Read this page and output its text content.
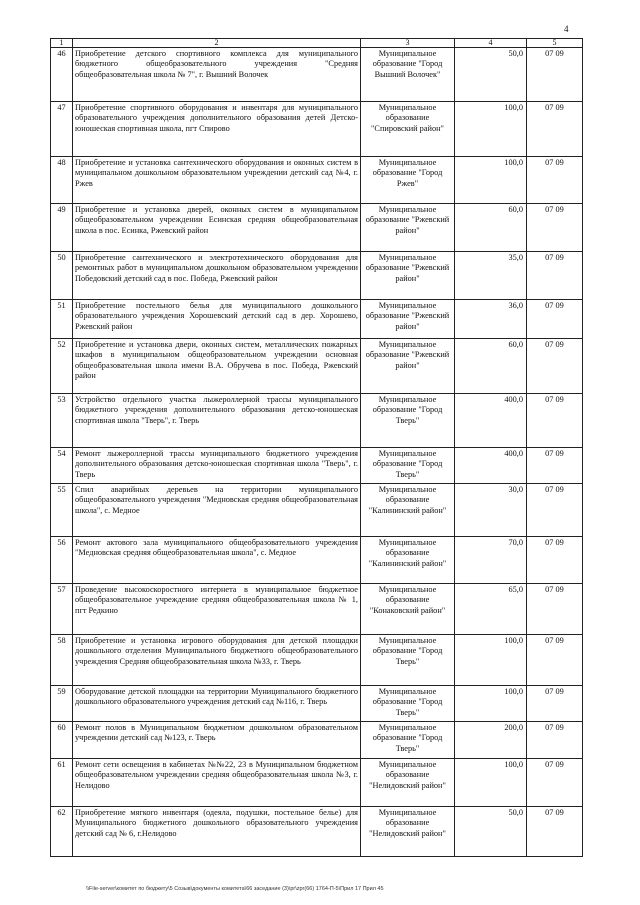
4
1	2	3	4	5
46	Приобретение детского спортивного комплекса для муниципального бюджетного общеобразовательного учреждения "Средняя общеобразовательная школа № 7", г. Вышний Волочек	Муниципальное образование "Город Вышний Волочек"	50,0	07 09
47	Приобретение спортивного оборудования и инвентаря для муниципального образовательного учреждения дополнительного образования детей Детско-юношеская спортивная школа, пгт Спирово	Муниципальное образование "Спировский район"	100,0	07 09
48	Приобретение и установка сантехнического оборудования и оконных систем в муниципальном дошкольном образовательном учреждении детский сад №4, г. Ржев	Муниципальное образование "Город Ржев"	100,0	07 09
49	Приобретение и установка дверей, оконных систем в муниципальном общеобразовательном учреждении Есинская средняя общеобразовательная школа в пос. Есинка, Ржевский район	Муниципальное образование "Ржевский район"	60,0	07 09
50	Приобретение сантехнического и электротехнического оборудования для ремонтных работ в муниципальном дошкольном образовательном учреждении Победовский детский сад в пос. Победа, Ржевский район	Муниципальное образование "Ржевский район"	35,0	07 09
51	Приобретение постельного белья для муниципального дошкольного образовательного учреждения Хорошевский детский сад в дер. Хорошево, Ржевский район	Муниципальное образование "Ржевский район"	36,0	07 09
52	Приобретение и установка двери, оконных систем, металлических пожарных шкафов в муниципальном общеобразовательном учреждении основная общеобразовательная школа имени В.А. Обручева в пос. Победа, Ржевский район	Муниципальное образование "Ржевский район"	60,0	07 09
53	Устройство отдельного участка лыжероллерной трассы муниципального бюджетного учреждения дополнительного образования детско-юношеская спортивная школа "Тверь", г. Тверь	Муниципальное образование "Город Тверь"	400,0	07 09
54	Ремонт лыжероллерной трассы муниципального бюджетного учреждения дополнительного образования детско-юношеская спортивная школа "Тверь", г. Тверь	Муниципальное образование "Город Тверь"	400,0	07 09
55	Спил аварийных деревьев на территории муниципального общеобразовательного учреждения "Медновская средняя общеобразовательная школа", с. Медное	Муниципальное образование "Калининский район"	30,0	07 09
56	Ремонт актового зала муниципального общеобразовательного учреждения "Медновская средняя общеобразовательная школа", с. Медное	Муниципальное образование "Калининский район"	70,0	07 09
57	Проведение высокоскоростного интернета в муниципальное бюджетное общеобразовательное учреждение средняя общеобразовательная школа № 1, пгт Редкино	Муниципальное образование "Конаковский район"	65,0	07 09
58	Приобретение и установка игрового оборудования для детской площадки дошкольного отделения Муниципального бюджетного общеобразовательного учреждения Средняя общеобразовательная школа №33, г. Тверь	Муниципальное образование "Город Тверь"	100,0	07 09
59	Оборудование детской площадки на территории Муниципального бюджетного дошкольного образовательного учреждения детский сад №116, г. Тверь	Муниципальное образование "Город Тверь"	100,0	07 09
60	Ремонт полов в Муниципальном бюджетном дошкольном образовательном учреждении детский сад №123, г. Тверь	Муниципальное образование "Город Тверь"	200,0	07 09
61	Ремонт сети освещения в кабинетах №№22, 23 в Муниципальном бюджетном общеобразовательном учреждении средняя общеобразовательная школа №3, г. Нелидово	Муниципальное образование "Нелидовский район"	100,0	07 09
62	Приобретение мягкого инвентаря (одеяла, подушки, постельное белье) для Муниципального бюджетного дошкольного образовательного учреждения детский сад № 6, г.Нелидово	Муниципальное образование "Нелидовский район"	50,0	07 09
\\File-server\комитет по бюджету\5 Созыв\документы комитета\66 заседание (3)\pr\zpr(66) 1764-П-5\Прил 17 Прил 45
